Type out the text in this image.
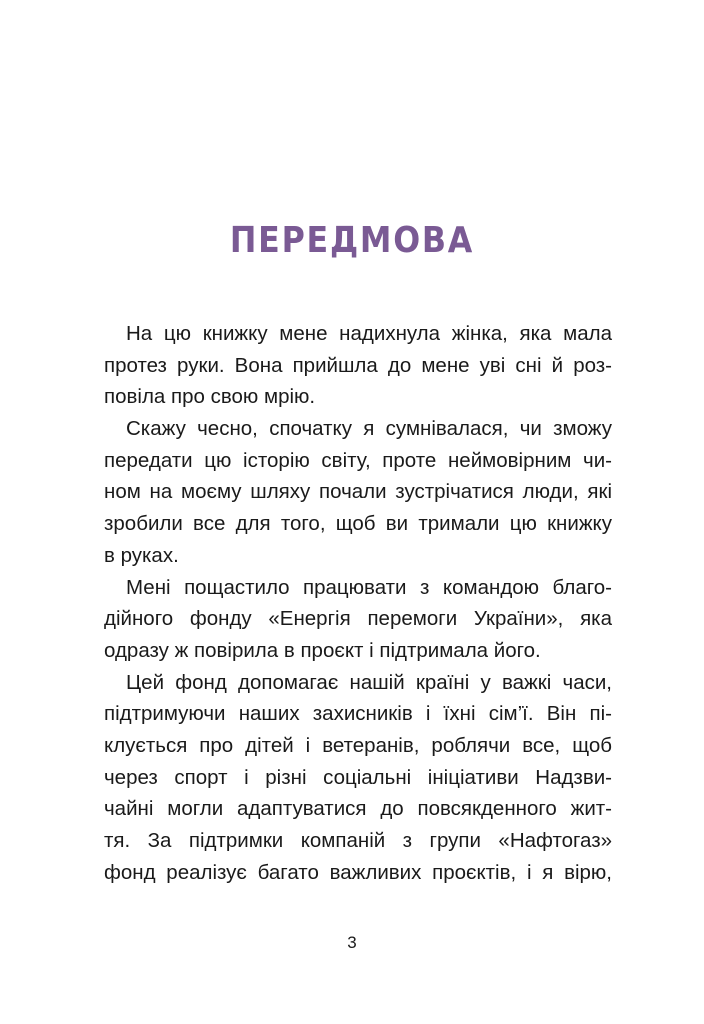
ПЕРЕДМОВА
На цю книжку мене надихнула жінка, яка мала
протез руки. Вона прийшла до мене уві сні й роз-
повіла про свою мрію.
Скажу чесно, спочатку я сумнівалася, чи зможу
передати цю історію світу, проте неймовірним чи-
ном на моєму шляху почали зустрічатися люди, які
зробили все для того, щоб ви тримали цю книжку
в руках.
Мені пощастило працювати з командою благо-
дійного фонду «Енергія перемоги України», яка
одразу ж повірила в проєкт і підтримала його.
Цей фонд допомагає нашій країні у важкі часи,
підтримуючи наших захисників і їхні сім’ї. Він пі-
клується про дітей і ветеранів, роблячи все, щоб
через спорт і різні соціальні ініціативи Надзви-
чайні могли адаптуватися до повсякденного жит-
тя. За підтримки компаній з групи «Нафтогаз»
фонд реалізує багато важливих проєктів, і я вірю,
3
